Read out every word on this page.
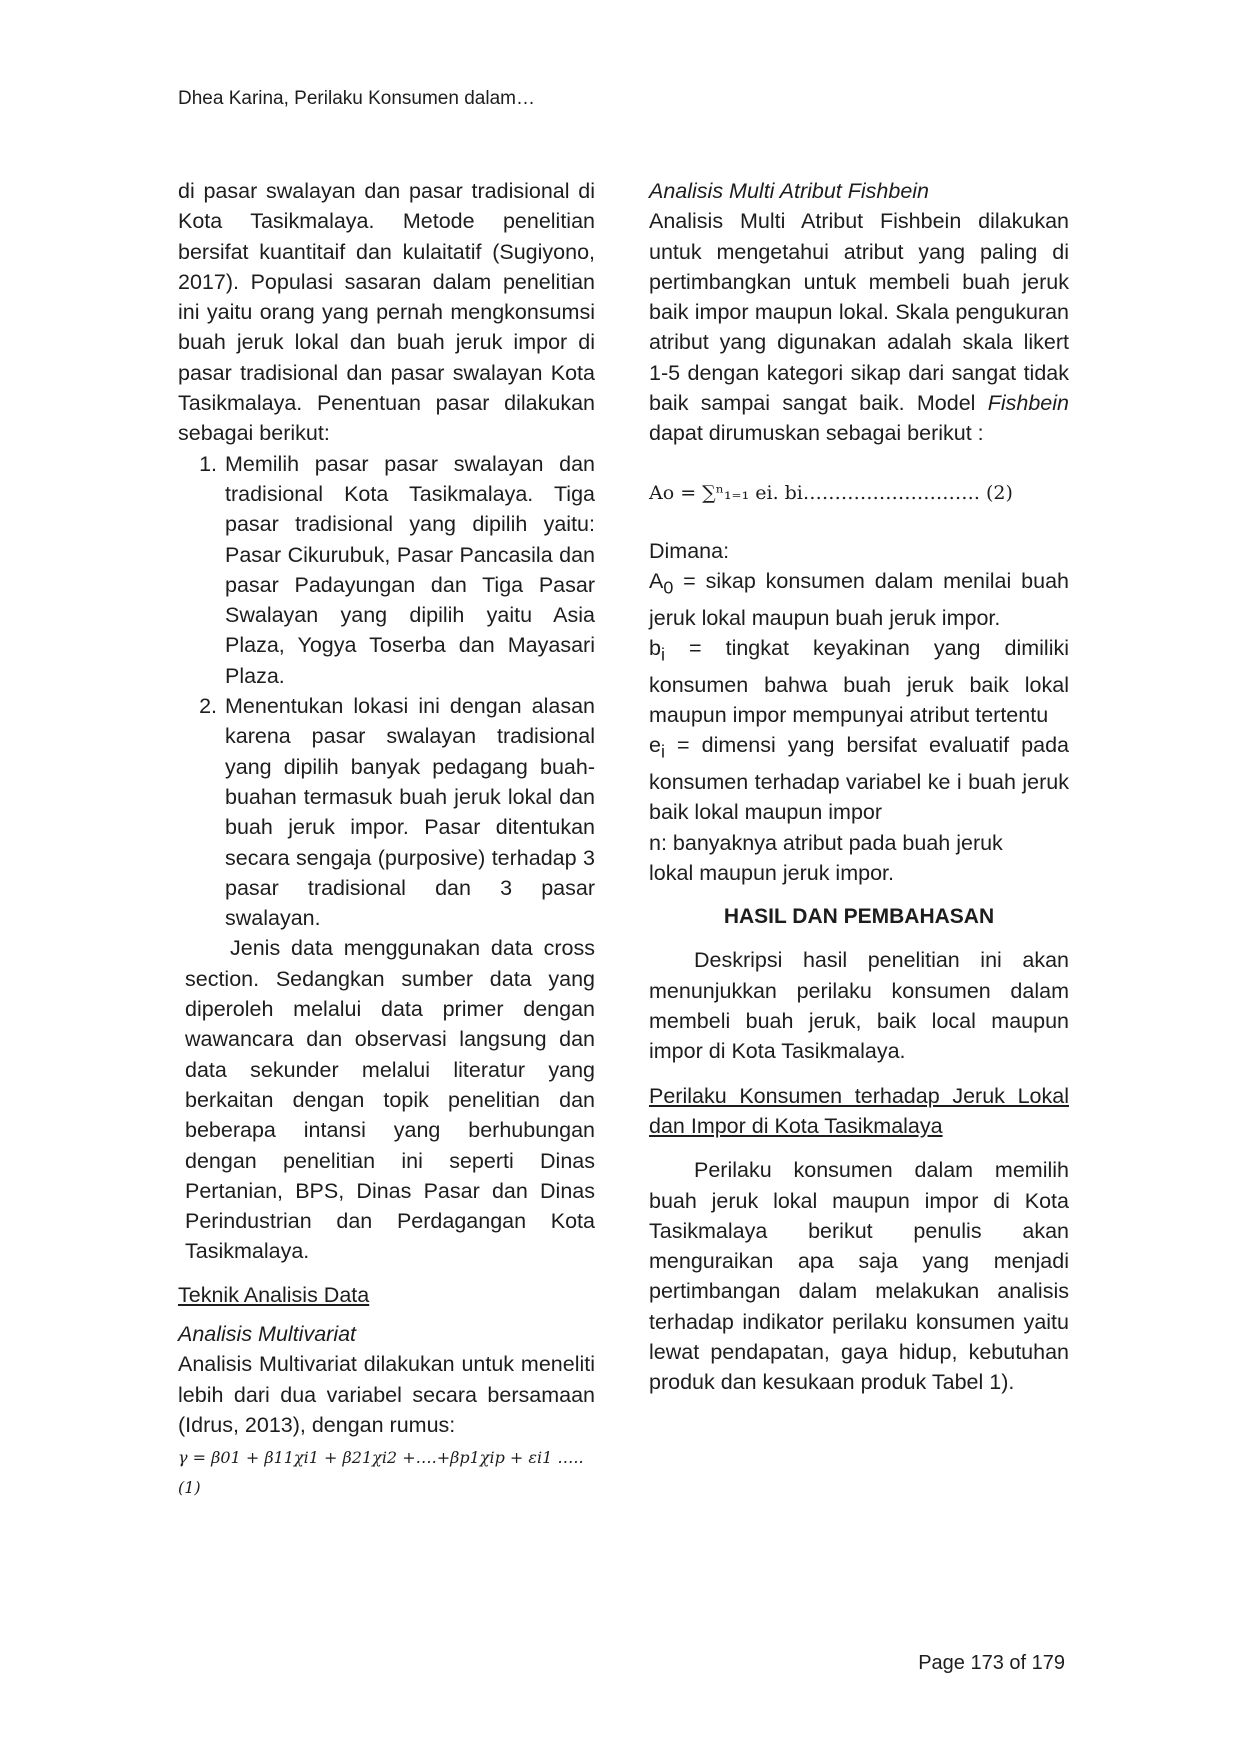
Dhea Karina, Perilaku Konsumen dalam…

di pasar swalayan dan pasar tradisional di Kota Tasikmalaya. Metode penelitian bersifat kuantitaif dan kulaitatif (Sugiyono, 2017). Populasi sasaran dalam penelitian ini yaitu orang yang pernah mengkonsumsi buah jeruk lokal dan buah jeruk impor di pasar tradisional dan pasar swalayan Kota Tasikmalaya. Penentuan pasar dilakukan sebagai berikut:

1. Memilih pasar pasar swalayan dan tradisional Kota Tasikmalaya. Tiga pasar tradisional yang dipilih yaitu: Pasar Cikurubuk, Pasar Pancasila dan pasar Padayungan dan Tiga Pasar Swalayan yang dipilih yaitu Asia Plaza, Yogya Toserba dan Mayasari Plaza.
2. Menentukan lokasi ini dengan alasan karena pasar swalayan tradisional yang dipilih banyak pedagang buah-buahan termasuk buah jeruk lokal dan buah jeruk impor. Pasar ditentukan secara sengaja (purposive) terhadap 3 pasar tradisional dan 3 pasar swalayan.

Jenis data menggunakan data cross section. Sedangkan sumber data yang diperoleh melalui data primer dengan wawancara dan observasi langsung dan data sekunder melalui literatur yang berkaitan dengan topik penelitian dan beberapa intansi yang berhubungan dengan penelitian ini seperti Dinas Pertanian, BPS, Dinas Pasar dan Dinas Perindustrian dan Perdagangan Kota Tasikmalaya.

Teknik Analisis Data

Analisis Multivariat

Analisis Multivariat dilakukan untuk meneliti lebih dari dua variabel secara bersamaan (Idrus, 2013), dengan rumus:

γ = β01 + β11χi1 + β21χi2 +….+βp1χip + εi1 …..(1)

Analisis Multi Atribut Fishbein

Analisis Multi Atribut Fishbein dilakukan untuk mengetahui atribut yang paling di pertimbangkan untuk membeli buah jeruk baik impor maupun lokal. Skala pengukuran atribut yang digunakan adalah skala likert 1-5 dengan kategori sikap dari sangat tidak baik sampai sangat baik. Model Fishbein dapat dirumuskan sebagai berikut :

Ao = ∑ⁿ₁₌₁ ei. bi………………………. (2)

Dimana:

$A_0$ = sikap konsumen dalam menilai buah jeruk lokal maupun buah jeruk impor.

$b_i$ = tingkat keyakinan yang dimiliki konsumen bahwa buah jeruk baik lokal maupun impor mempunyai atribut tertentu

$e_i$ = dimensi yang bersifat evaluatif pada konsumen terhadap variabel ke i buah jeruk baik lokal maupun impor

n: banyaknya atribut pada buah jeruk
lokal maupun jeruk impor.

HASIL DAN PEMBAHASAN

Deskripsi hasil penelitian ini akan menunjukkan perilaku konsumen dalam membeli buah jeruk, baik local maupun impor di Kota Tasikmalaya.

Perilaku Konsumen terhadap Jeruk Lokal dan Impor di Kota Tasikmalaya

Perilaku konsumen dalam memilih buah jeruk lokal maupun impor di Kota Tasikmalaya berikut penulis akan menguraikan apa saja yang menjadi pertimbangan dalam melakukan analisis terhadap indikator perilaku konsumen yaitu lewat pendapatan, gaya hidup, kebutuhan produk dan kesukaan produk Tabel 1).

Page 173 of 179
